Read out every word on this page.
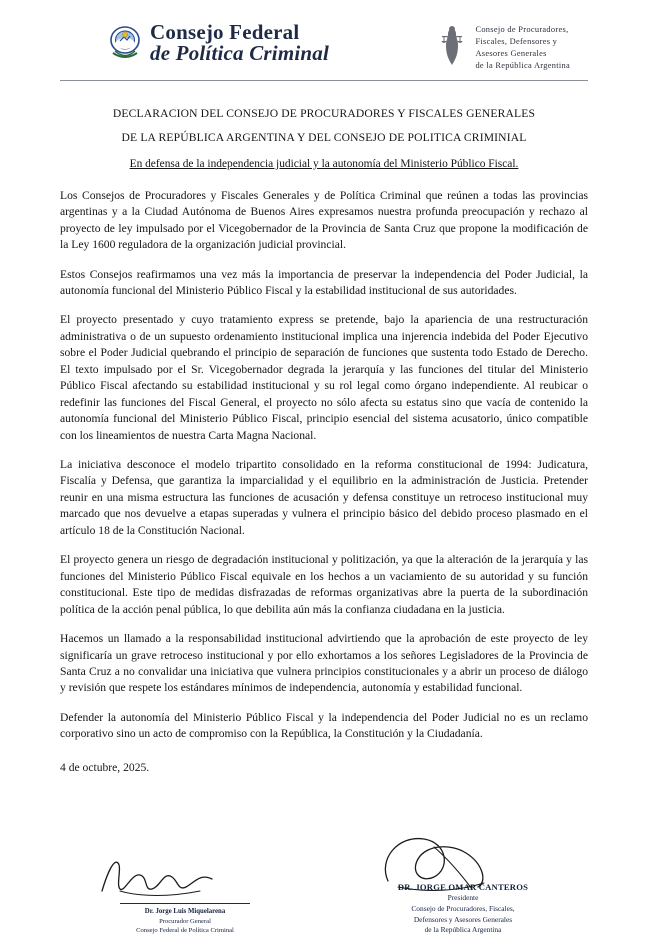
Consejo Federal
de Política Criminal
Consejo de Procuradores,
Fiscales, Defensores y
Asesores Generales
de la República Argentina
DECLARACION DEL CONSEJO DE PROCURADORES Y FISCALES GENERALES
DE LA REPÚBLICA ARGENTINA Y DEL CONSEJO DE POLITICA CRIMINIAL
En defensa de la independencia judicial y la autonomía del Ministerio Público Fiscal.

Los Consejos de Procuradores y Fiscales Generales y de Política Criminal que reúnen a todas las provincias argentinas y a la Ciudad Autónoma de Buenos Aires expresamos nuestra profunda preocupación y rechazo al proyecto de ley impulsado por el Vicegobernador de la Provincia de Santa Cruz que propone la modificación de la Ley 1600 reguladora de la organización judicial provincial.

Estos Consejos reafirmamos una vez más la importancia de preservar la independencia del Poder Judicial, la autonomía funcional del Ministerio Público Fiscal y la estabilidad institucional de sus autoridades.

El proyecto presentado y cuyo tratamiento express se pretende, bajo la apariencia de una restructuración administrativa o de un supuesto ordenamiento institucional implica una injerencia indebida del Poder Ejecutivo sobre el Poder Judicial quebrando el principio de separación de funciones que sustenta todo Estado de Derecho. El texto impulsado por el Sr. Vicegobernador degrada la jerarquía y las funciones del titular del Ministerio Público Fiscal afectando su estabilidad institucional y su rol legal como órgano independiente. Al reubicar o redefinir las funciones del Fiscal General, el proyecto no sólo afecta su estatus sino que vacía de contenido la autonomía funcional del Ministerio Público Fiscal, principio esencial del sistema acusatorio, único compatible con los lineamientos de nuestra Carta Magna Nacional.

La iniciativa desconoce el modelo tripartito consolidado en la reforma constitucional de 1994: Judicatura, Fiscalía y Defensa, que garantiza la imparcialidad y el equilibrio en la administración de Justicia. Pretender reunir en una misma estructura las funciones de acusación y defensa constituye un retroceso institucional muy marcado que nos devuelve a etapas superadas y vulnera el principio básico del debido proceso plasmado en el artículo 18 de la Constitución Nacional.

El proyecto genera un riesgo de degradación institucional y politización, ya que la alteración de la jerarquía y las funciones del Ministerio Público Fiscal equivale en los hechos a un vaciamiento de su autoridad y su función constitucional. Este tipo de medidas disfrazadas de reformas organizativas abre la puerta de la subordinación política de la acción penal pública, lo que debilita aún más la confianza ciudadana en la justicia.

Hacemos un llamado a la responsabilidad institucional advirtiendo que la aprobación de este proyecto de ley significaría un grave retroceso institucional y por ello exhortamos a los señores Legisladores de la Provincia de Santa Cruz a no convalidar una iniciativa que vulnera principios constitucionales y a abrir un proceso de diálogo y revisión que respete los estándares mínimos de independencia, autonomía y estabilidad funcional.

Defender la autonomía del Ministerio Público Fiscal y la independencia del Poder Judicial no es un reclamo corporativo sino un acto de compromiso con la República, la Constitución y la Ciudadanía.

4 de octubre, 2025.

Dr. Jorge Luis Miquelarena
Procurador General
Consejo Federal de Política Criminal
DR. JORGE OMAR CANTEROS
Presidente
Consejo de Procuradores, Fiscales,
Defensores y Asesores Generales
de la República Argentina
